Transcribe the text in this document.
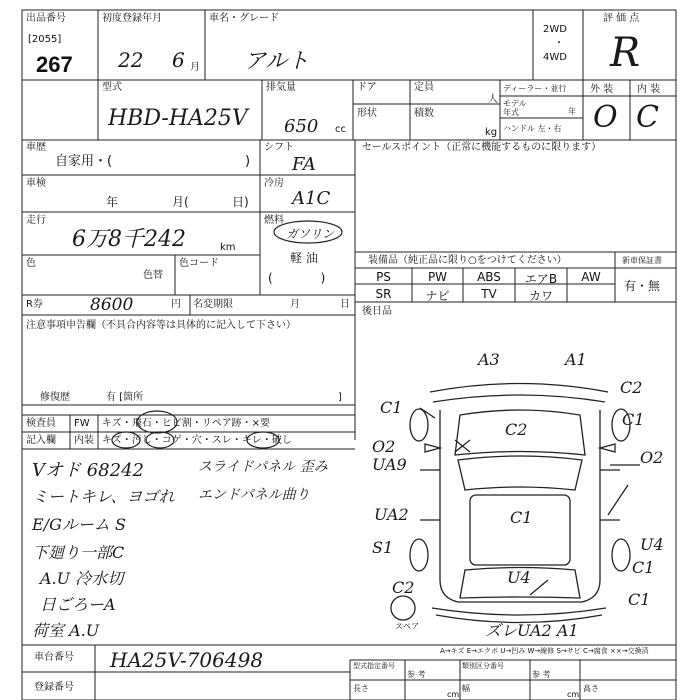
出品番号
[2055]
267
初度登録年月
22 6 月
車名・グレード
アルト
2WD
・
4WD
評 価 点
R
型式
HBD-HA25V
排気量
650 cc
ドア	定員
人
形状	積数
kg
ディーラー・並行
モデル年式	年
ハンドル 左・右
外 装 内 装
O C
車歴
自家用・(	)
シフト
FA
車検
年	月(	日)
冷房
A1C
走行
6万8千242	km
燃料
ガソリン
軽 油
(　　　　)
色
色替
色コード
R券	8600	円 名変期限	月	日
注意事項申告欄（不具合内容等は具体的に記入して下さい）
修復歴	有 [箇所	]
セールスポイント（正常に機能するものに限ります）
装備品（純正品に限り○をつけてください）	新車保証書
有・無
PS	PW	ABS	エアB	AW
SR	ナビ	TV	カワ
後日品
検査員
記入欄
FW
内装
キズ・飛石・ヒビ割・リペア跡・×要
キズ・汚し・コゲ・穴・スレ・キレ・破し
Vオド 68242
ミートキレ、ヨゴれ
E/Gルーム S
下廻り一部C
A.U 冷水切
日ごろーA
荷室 A.U
スライドパネル 歪み
エンドパネル曲り
A3	A1
C2
C1
C1
C2
O2
UA9	O2
UA2	C1
S1	U4
C1
U4
C2
スペア
C1
ズレUA2 A1
A→キズ E→エクボ U→凹み W→線修 S→サビ C→腐食 ××→交換済
車台番号 HA25V-706498
登録番号
型式指定番号
参 考
類別区分番号
参 考
長さ
cm
幅
cm
高さ
